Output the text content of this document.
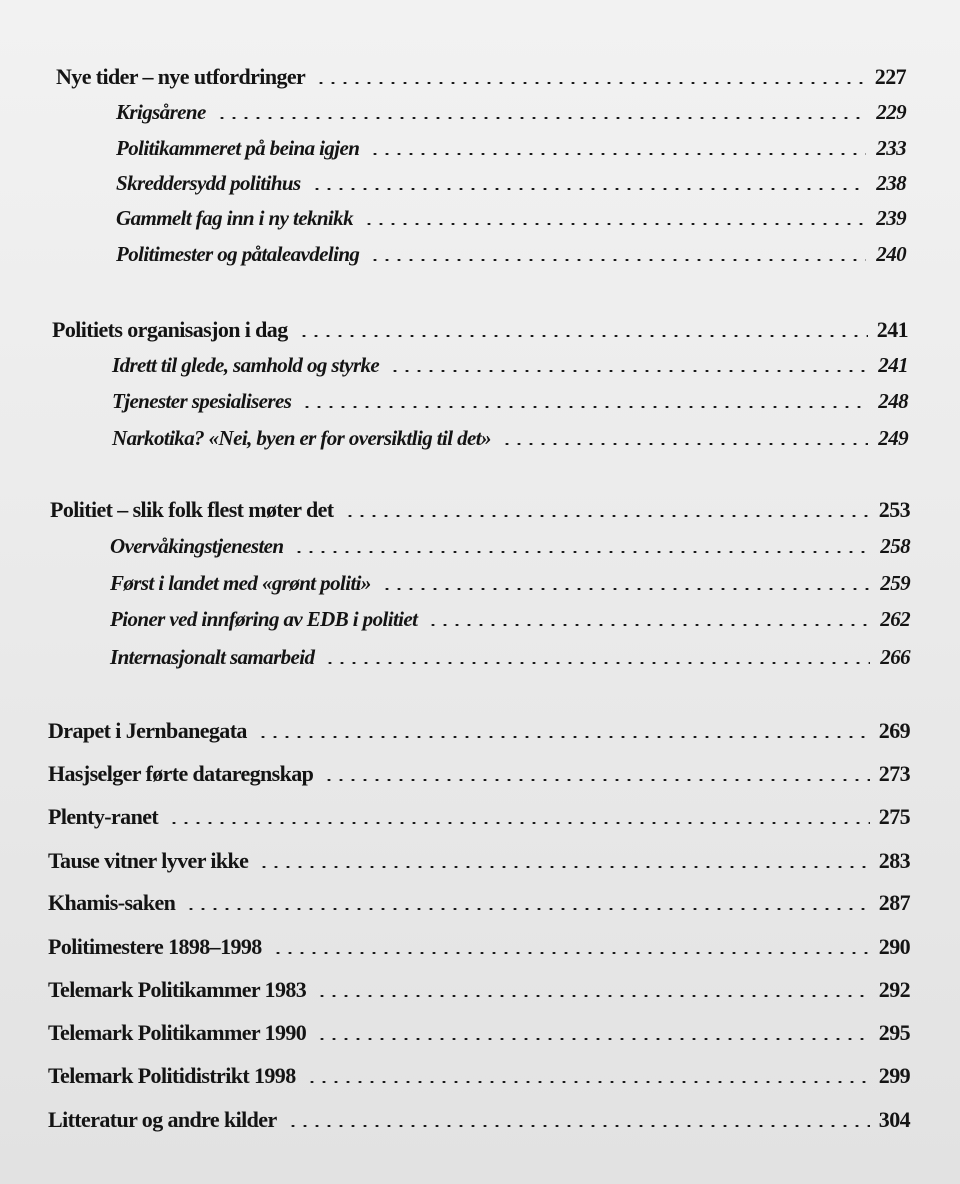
Nye tider – nye utfordringer	227
Krigsårene	229
Politikammeret på beina igjen	233
Skreddersydd politihus	238
Gammelt fag inn i ny teknikk	239
Politimester og påtaleavdeling	240
Politiets organisasjon i dag	241
Idrett til glede, samhold og styrke	241
Tjenester spesialiseres	248
Narkotika? «Nei, byen er for oversiktlig til det»	249
Politiet – slik folk flest møter det	253
Overvåkingstjenesten	258
Først i landet med «grønt politi»	259
Pioner ved innføring av EDB i politiet	262
Internasjonalt samarbeid	266
Drapet i Jernbanegata	269
Hasjselger førte dataregnskap	273
Plenty-ranet	275
Tause vitner lyver ikke	283
Khamis-saken	287
Politimestere 1898–1998	290
Telemark Politikammer 1983	292
Telemark Politikammer 1990	295
Telemark Politidistrikt 1998	299
Litteratur og andre kilder	304
